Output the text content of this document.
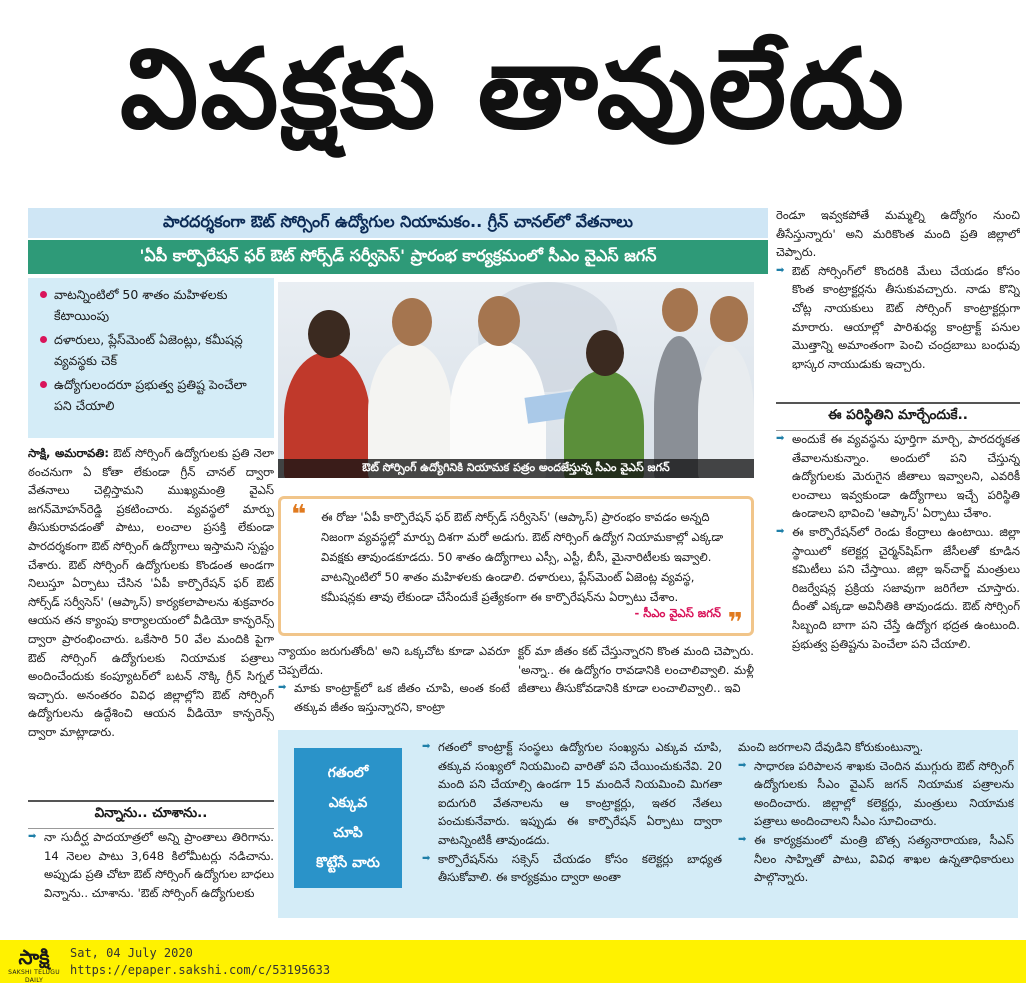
వివక్షకు తావులేదు
పారదర్శకంగా ఔట్ సోర్సింగ్ ఉద్యోగుల నియామకం.. గ్రీన్ చానల్‌లో వేతనాలు
'ఏపీ కార్పొరేషన్ ఫర్ ఔట్ సోర్స్‌డ్ సర్వీసెస్' ప్రారంభ కార్యక్రమంలో సీఎం వైఎస్ జగన్
వాటన్నింటిలో 50 శాతం మహిళలకు కేటాయింపు
దళారులు, ప్లేస్‌మెంట్ ఏజెంట్లు, కమీషన్ల వ్యవస్థకు చెక్
ఉద్యోగులందరూ ప్రభుత్వ ప్రతిష్ట పెంచేలా పని చేయాలి
ఔట్ సోర్సింగ్ ఉద్యోగినికి నియామక పత్రం అందజేస్తున్న సీఎం వైఎస్ జగన్

సాక్షి, అమరావతి: ఔట్ సోర్సింగ్ ఉద్యోగులకు ప్రతి నెలా ఠంచనుగా ఏ కోతా లేకుండా గ్రీన్ చానల్ ద్వారా వేతనాలు చెల్లిస్తామని ముఖ్యమంత్రి వైఎస్ జగన్‌మోహన్‌రెడ్డి ప్రకటించారు. వ్యవస్థలో మార్పు తీసుకురావడంతో పాటు, లంచాల ప్రసక్తి లేకుండా పారదర్శకంగా ఔట్ సోర్సింగ్ ఉద్యోగాలు ఇస్తామని స్పష్టం చేశారు. ఔట్ సోర్సింగ్ ఉద్యోగులకు కొండంత అండగా నిలుస్తూ ఏర్పాటు చేసిన 'ఏపీ కార్పొరేషన్ ఫర్ ఔట్ సోర్స్‌డ్ సర్వీసెస్' (ఆప్కాస్) కార్యకలాపాలను శుక్రవారం ఆయన తన క్యాంపు కార్యాలయంలో వీడియో కాన్ఫరెన్స్ ద్వారా ప్రారంభించారు. ఒకేసారి 50 వేల మందికి పైగా ఔట్ సోర్సింగ్ ఉద్యోగులకు నియామక పత్రాలు అందించేందుకు కంప్యూటర్‌లో బటన్ నొక్కి గ్రీన్ సిగ్నల్ ఇచ్చారు. అనంతరం వివిధ జిల్లాల్లోని ఔట్ సోర్సింగ్ ఉద్యోగులను ఉద్దేశించి ఆయన వీడియో కాన్ఫరెన్స్ ద్వారా మాట్లాడారు.

విన్నాను.. చూశాను..

➡ నా సుదీర్ఘ పాదయాత్రలో అన్ని ప్రాంతాలు తిరిగాను. 14 నెలల పాటు 3,648 కిలోమీటర్లు నడిచాను. అప్పుడు ప్రతి చోటా ఔట్ సోర్సింగ్ ఉద్యోగుల బాధలు విన్నాను.. చూశాను. 'ఔట్ సోర్సింగ్ ఉద్యోగులకు

❝ ఈ రోజు 'ఏపీ కార్పొరేషన్ ఫర్ ఔట్ సోర్స్‌డ్ సర్వీసెస్' (ఆప్కాస్) ప్రారంభం కావడం అన్నది నిజంగా వ్యవస్థల్లో మార్పు దిశగా మరో అడుగు. ఔట్ సోర్సింగ్ ఉద్యోగ నియామకాల్లో ఎక్కడా వివక్షకు తావుండకూడదు. 50 శాతం ఉద్యోగాలు ఎస్సీ, ఎస్టీ, బీసీ, మైనారిటీలకు ఇవ్వాలి. వాటన్నింటిలో 50 శాతం మహిళలకు ఉండాలి. దళారులు, ప్లేస్‌మెంట్ ఏజెంట్ల వ్యవస్థ, కమీషన్లకు తావు లేకుండా చేసేందుకే ప్రత్యేకంగా ఈ కార్పొరేషన్‌ను ఏర్పాటు చేశాం.

- సీఎం వైఎస్ జగన్ ❞

న్యాయం జరుగుతోంది' అని ఒక్కచోట కూడా ఎవరూ చెప్పలేదు.

➡ మాకు కాంట్రాక్ట్‌లో ఒక జీతం చూపి, అంత కంటే తక్కువ జీతం ఇస్తున్నారని, కాంట్రా

క్టర్ మా జీతం కట్ చేస్తున్నారని కొంత మంది చెప్పారు. 'అన్నా.. ఈ ఉద్యోగం రావడానికి లంచాలివ్వాలి. మళ్లీ జీతాలు తీసుకోవడానికి కూడా లంచాలివ్వాలి.. ఇవి

రెండూ ఇవ్వకపోతే మమ్మల్ని ఉద్యోగం నుంచి తీసేస్తున్నారు' అని మరికొంత మంది ప్రతి జిల్లాలో చెప్పారు.

➡ ఔట్ సోర్సింగ్‌లో కొందరికి మేలు చేయడం కోసం కొంత కాంట్రాక్టర్లను తీసుకువచ్చారు. నాడు కొన్ని చోట్ల నాయకులు ఔట్ సోర్సింగ్ కాంట్రాక్టర్లుగా మారారు. ఆయాల్లో పారిశుధ్య కాంట్రాక్ట్ పనుల మొత్తాన్ని అమాంతంగా పెంచి చంద్రబాబు బంధువు భాస్కర నాయుడుకు ఇచ్చారు.

ఈ పరిస్థితిని మార్చేందుకే..

➡ అందుకే ఈ వ్యవస్థను పూర్తిగా మార్చి, పారదర్శకత తేవాలనుకున్నాం. అందులో పని చేస్తున్న ఉద్యోగులకు మెరుగైన జీతాలు ఇవ్వాలని, ఎవరికీ లంచాలు ఇవ్వకుండా ఉద్యోగాలు ఇచ్చే పరిస్థితి ఉండాలని భావించి 'ఆప్కాస్' ఏర్పాటు చేశాం.

➡ ఈ కార్పొరేషన్‌లో రెండు కేంద్రాలు ఉంటాయి. జిల్లా స్థాయిలో కలెక్టర్ల చైర్మన్‌షిప్‌గా జేసీలతో కూడిన కమిటీలు పని చేస్తాయి. జిల్లా ఇన్‌చార్జ్ మంత్రులు రిజర్వేషన్ల ప్రక్రియ సజావుగా జరిగేలా చూస్తారు. దీంతో ఎక్కడా అవినీతికి తావుండదు. ఔట్ సోర్సింగ్ సిబ్బంది బాగా పని చేస్తే ఉద్యోగ భద్రత ఉంటుంది. ప్రభుత్వ ప్రతిష్టను పెంచేలా పని చేయాలి.

గతంలో
ఎక్కువ
చూపి
కొట్టేసే వారు

➡ గతంలో కాంట్రాక్ట్ సంస్థలు ఉద్యోగుల సంఖ్యను ఎక్కువ చూపి, తక్కువ సంఖ్యలో నియమించి వారితో పని చేయించుకునేవి. 20 మంది పని చేయాల్సి ఉండగా 15 మందినే నియమించి మిగతా ఐదుగురి వేతనాలను ఆ కాంట్రాక్టర్లు, ఇతర నేతలు పంచుకునేవారు. ఇప్పుడు ఈ కార్పొరేషన్ ఏర్పాటు ద్వారా వాటన్నింటికీ తావుండదు.

➡ కార్పొరేషన్‌ను సక్సెస్ చేయడం కోసం కలెక్టర్లు బాధ్యత తీసుకోవాలి. ఈ కార్యక్రమం ద్వారా అంతా

మంచి జరగాలని దేవుడిని కోరుకుంటున్నా.

➡ సాధారణ పరిపాలన శాఖకు చెందిన ముగ్గురు ఔట్ సోర్సింగ్ ఉద్యోగులకు సీఎం వైఎస్ జగన్ నియామక పత్రాలను అందించారు. జిల్లాల్లో కలెక్టర్లు, మంత్రులు నియామక పత్రాలు అందించాలని సీఎం సూచించారు.

➡ ఈ కార్యక్రమంలో మంత్రి బొత్స సత్యనారాయణ, సీఎస్ నీలం సాహ్నితో పాటు, వివిధ శాఖల ఉన్నతాధికారులు పాల్గొన్నారు.

సాక్షి
SAKSHI TELUGU DAILY
Sat, 04 July 2020
https://epaper.sakshi.com/c/53195633
